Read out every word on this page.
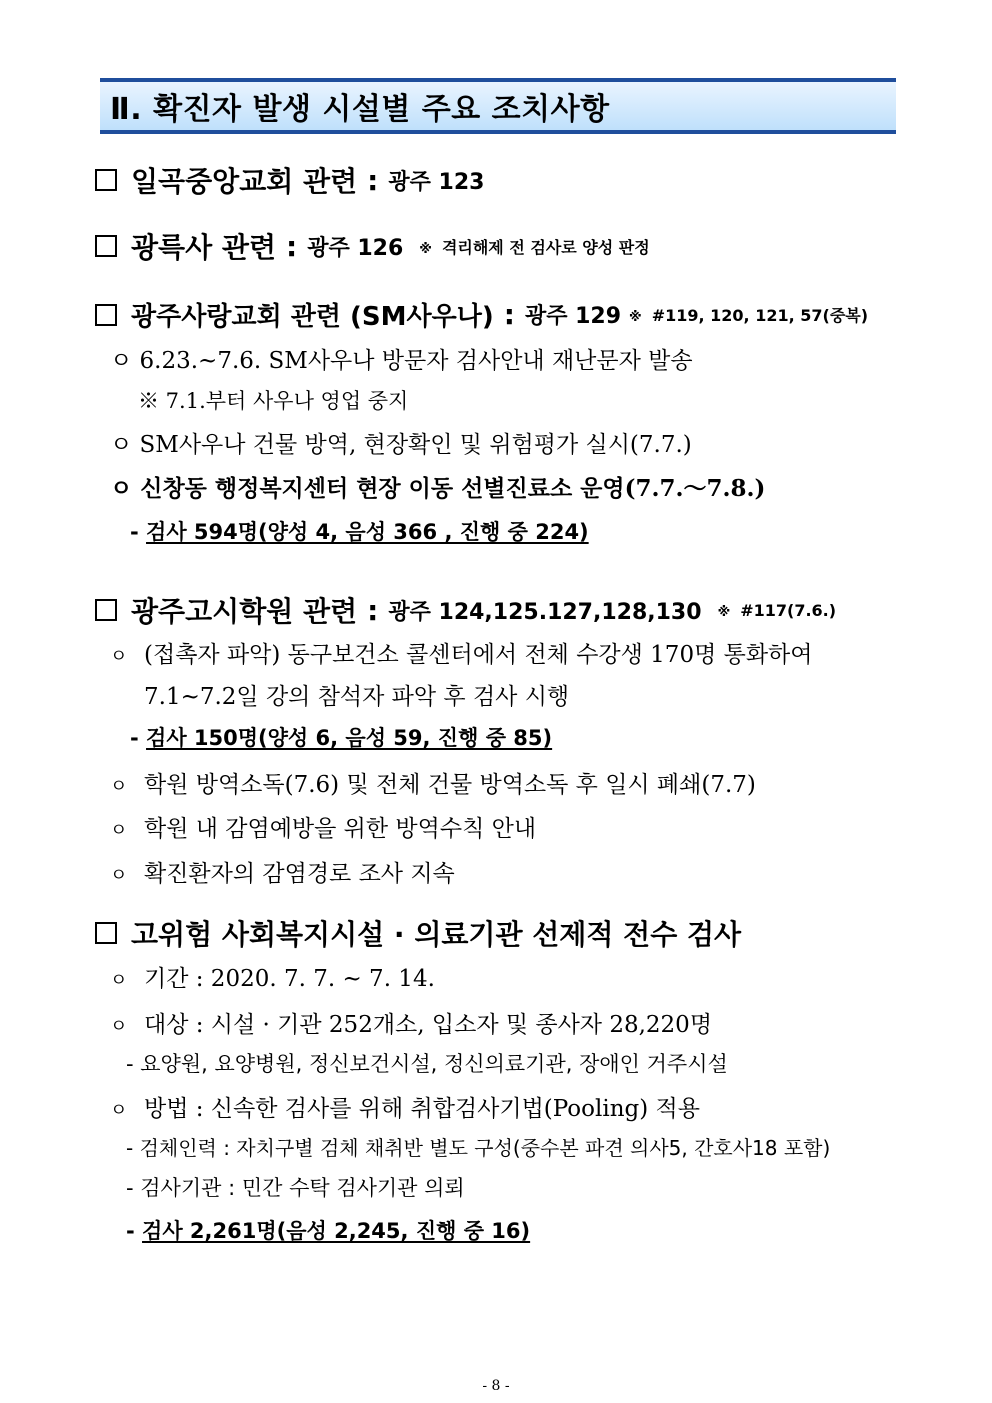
Ⅱ. 확진자 발생 시설별 주요 조치사항
일곡중앙교회 관련 : 광주 123
광륵사 관련 : 광주 126 ※ 격리해제 전 검사로 양성 판정
광주사랑교회 관련 (SM사우나) : 광주 129 ※ #119, 120, 121, 57(중복)
ㅇ 6.23.~7.6. SM사우나 방문자 검사안내 재난문자 발송
※ 7.1.부터 사우나 영업 중지
ㅇ SM사우나 건물 방역, 현장확인 및 위험평가 실시(7.7.)
ㅇ 신창동 행정복지센터 현장 이동 선별진료소 운영(7.7.～7.8.)
- 검사 594명(양성 4, 음성 366 , 진행 중 224)
광주고시학원 관련 : 광주 124,125.127,128,130 ※ #117(7.6.)
ㅇ (접촉자 파악) 동구보건소 콜센터에서 전체 수강생 170명 통화하여
7.1~7.2일 강의 참석자 파악 후 검사 시행
- 검사 150명(양성 6, 음성 59, 진행 중 85)
ㅇ 학원 방역소독(7.6) 및 전체 건물 방역소독 후 일시 폐쇄(7.7)
ㅇ 학원 내 감염예방을 위한 방역수칙 안내
ㅇ 확진환자의 감염경로 조사 지속
고위험 사회복지시설 · 의료기관 선제적 전수 검사
ㅇ 기간 : 2020. 7. 7. ~ 7. 14.
ㅇ 대상 : 시설 · 기관 252개소, 입소자 및 종사자 28,220명
- 요양원, 요양병원, 정신보건시설, 정신의료기관, 장애인 거주시설
ㅇ 방법 : 신속한 검사를 위해 취합검사기법(Pooling) 적용
- 검체인력 : 자치구별 검체 채취반 별도 구성(중수본 파견 의사5, 간호사18 포함)
- 검사기관 : 민간 수탁 검사기관 의뢰
- 검사 2,261명(음성 2,245, 진행 중 16)
- 8 -
